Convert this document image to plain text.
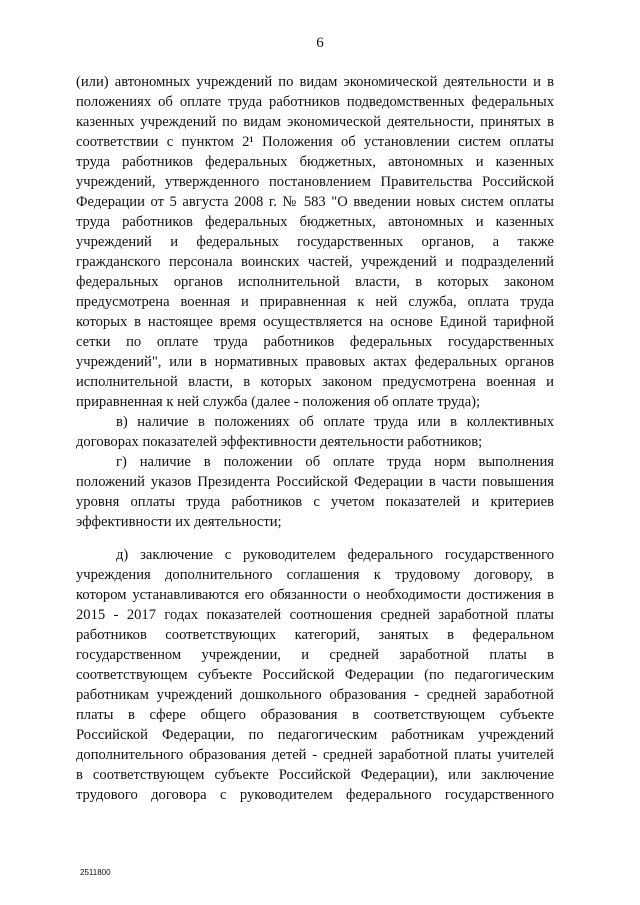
6
(или) автономных учреждений по видам экономической деятельности и в
положениях об оплате труда работников подведомственных федеральных
казенных учреждений по видам экономической деятельности, принятых в
соответствии с пунктом 2¹ Положения об установлении систем оплаты
труда работников федеральных бюджетных, автономных и казенных
учреждений, утвержденного постановлением Правительства Российской
Федерации от 5 августа 2008 г. № 583 "О введении новых систем оплаты
труда работников федеральных бюджетных, автономных и казенных
учреждений и федеральных государственных органов, а также
гражданского персонала воинских частей, учреждений и подразделений
федеральных органов исполнительной власти, в которых законом
предусмотрена военная и приравненная к ней служба, оплата труда
которых в настоящее время осуществляется на основе Единой тарифной
сетки по оплате труда работников федеральных государственных
учреждений", или в нормативных правовых актах федеральных органов
исполнительной власти, в которых законом предусмотрена военная и
приравненная к ней служба (далее - положения об оплате труда);
в) наличие в положениях об оплате труда или в коллективных
договорах показателей эффективности деятельности работников;
г) наличие в положении об оплате труда норм выполнения
положений указов Президента Российской Федерации в части повышения
уровня оплаты труда работников с учетом показателей и критериев
эффективности их деятельности;
д) заключение с руководителем федерального государственного
учреждения дополнительного соглашения к трудовому договору, в
котором устанавливаются его обязанности о необходимости достижения в
2015 - 2017 годах показателей соотношения средней заработной платы
работников соответствующих категорий, занятых в федеральном
государственном учреждении, и средней заработной платы в
соответствующем субъекте Российской Федерации (по педагогическим
работникам учреждений дошкольного образования - средней заработной
платы в сфере общего образования в соответствующем субъекте
Российской Федерации, по педагогическим работникам учреждений
дополнительного образования детей - средней заработной платы учителей
в соответствующем субъекте Российской Федерации), или заключение
трудового договора с руководителем федерального государственного
2511800
